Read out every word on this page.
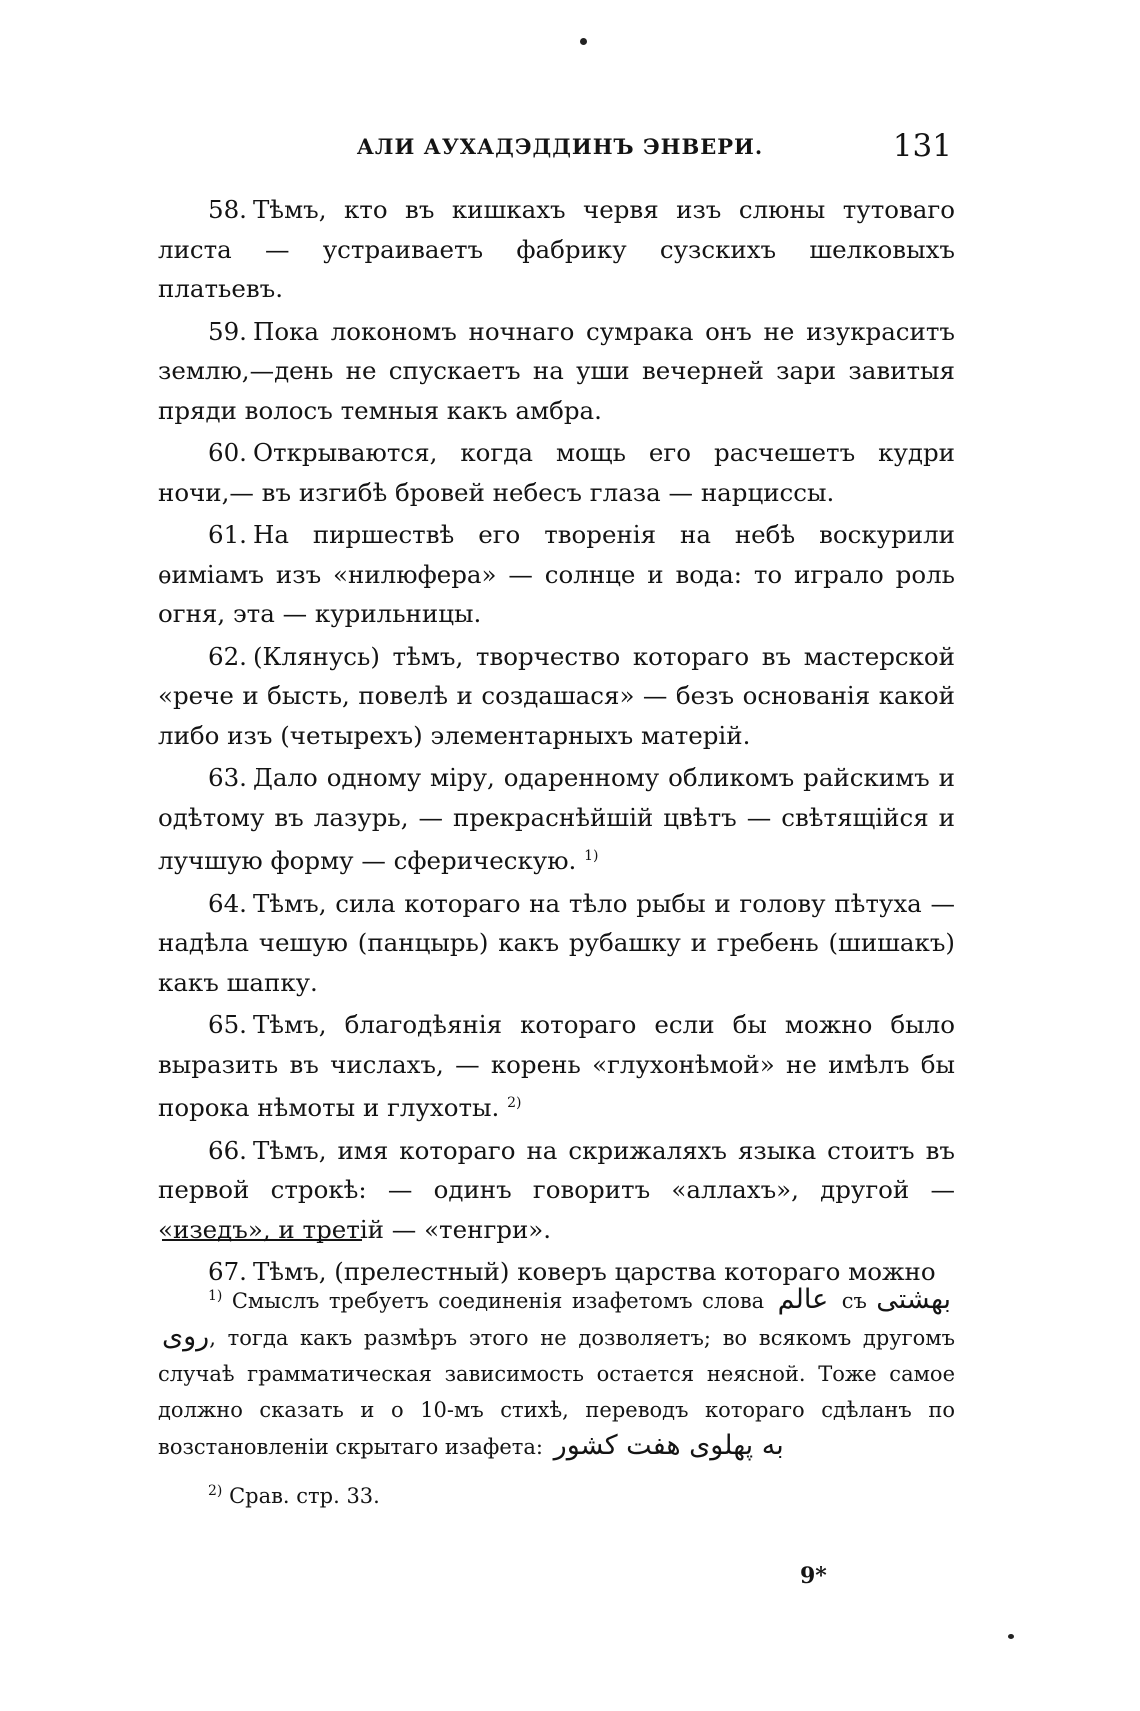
АЛИ АУХАДЭДДИНЪ ЭНВЕРИ.	131

58. Тѣмъ, кто въ кишкахъ червя изъ слюны тутоваго листа — устраиваетъ фабрику сузскихъ шелковыхъ платьевъ.

59. Пока локономъ ночнаго сумрака онъ не изукраситъ землю,—день не спускаетъ на уши вечерней зари завитыя пряди волосъ темныя какъ амбра.

60. Открываются, когда мощь его расчешетъ кудри ночи,— въ изгибѣ бровей небесъ глаза — нарциссы.

61. На пиршествѣ его творенія на небѣ воскурили ѳиміамъ изъ «нилюфера» — солнце и вода: то играло роль огня, эта — курильницы.

62. (Клянусь) тѣмъ, творчество котораго въ мастерской «рече и бысть, повелѣ и создашася» — безъ основанія какой либо изъ (четырехъ) элементарныхъ матерій.

63. Дало одному міру, одаренному обликомъ райскимъ и одѣтому въ лазурь, — прекраснѣйшій цвѣтъ — свѣтящійся и лучшую форму — сферическую. $^{1)}$

64. Тѣмъ, сила котораго на тѣло рыбы и голову пѣтуха — надѣла чешую (панцырь) какъ рубашку и гребень (шишакъ) какъ шапку.

65. Тѣмъ, благодѣянія котораго если бы можно было выразить въ числахъ, — корень «глухонѣмой» не имѣлъ бы порока нѣмоты и глухоты. $^{2)}$

66. Тѣмъ, имя котораго на скрижаляхъ языка стоитъ въ первой строкѣ: — одинъ говоритъ «аллахъ», другой — «изедъ», и третій — «тенгри».

67. Тѣмъ, (прелестный) коверъ царства котораго можно

$^{1)}$ Смыслъ требуетъ соединенія изафетомъ слова عالم съ بهشتی روی, тогда какъ размѣръ этого не дозволяетъ; во всякомъ другомъ случаѣ грамматическая зависимость остается неясной. Тоже самое должно сказать и о 10-мъ стихѣ, переводъ котораго сдѣланъ по возстановленіи скрытаго изафета: به پهلوی هفت کشور

$^{2)}$ Срав. стр. 33.

9*
